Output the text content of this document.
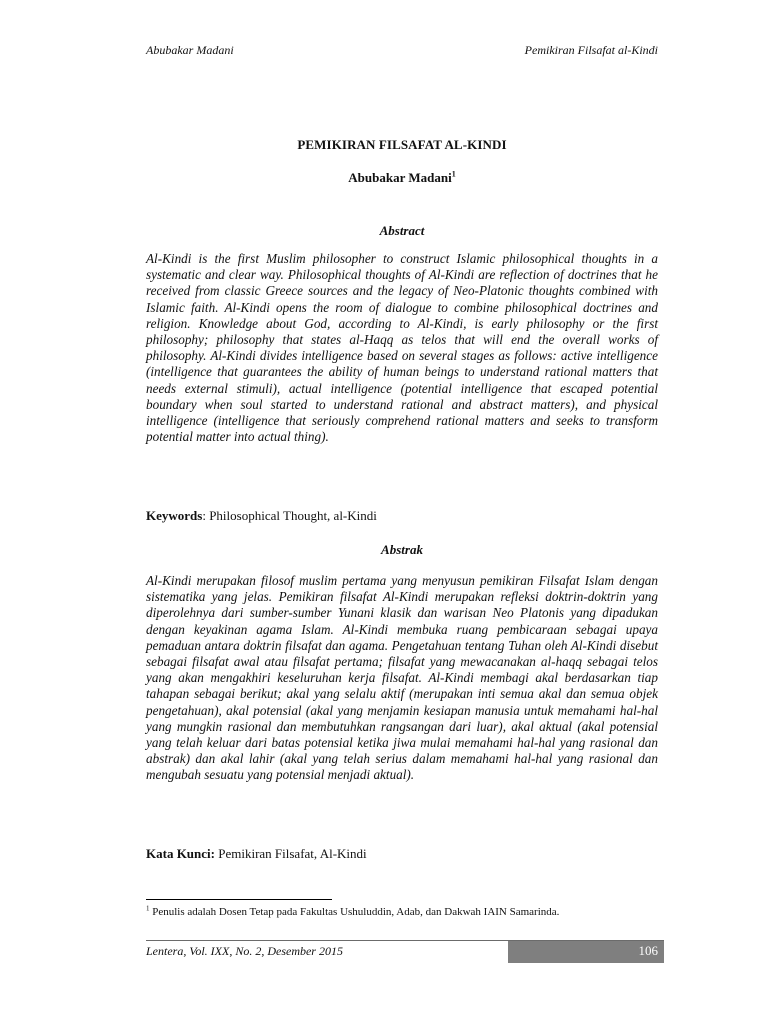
Abubakar Madani	Pemikiran Filsafat al-Kindi
PEMIKIRAN FILSAFAT AL-KINDI
Abubakar Madani$^1$
Abstract

Al-Kindi is the first Muslim philosopher to construct Islamic philosophical thoughts in a systematic and clear way. Philosophical thoughts of Al-Kindi are reflection of doctrines that he received from classic Greece sources and the legacy of Neo-Platonic thoughts combined with Islamic faith. Al-Kindi opens the room of dialogue to combine philosophical doctrines and religion. Knowledge about God, according to Al-Kindi, is early philosophy or the first philosophy; philosophy that states al-Haqq as telos that will end the overall works of philosophy. Al-Kindi divides intelligence based on several stages as follows: active intelligence (intelligence that guarantees the ability of human beings to understand rational matters that needs external stimuli), actual intelligence (potential intelligence that escaped potential boundary when soul started to understand rational and abstract matters), and physical intelligence (intelligence that seriously comprehend rational matters and seeks to transform potential matter into actual thing).

Keywords: Philosophical Thought, al-Kindi
Abstrak

Al-Kindi merupakan filosof muslim pertama yang menyusun pemikiran Filsafat Islam dengan sistematika yang jelas. Pemikiran filsafat Al-Kindi merupakan refleksi doktrin-doktrin yang diperolehnya dari sumber-sumber Yunani klasik dan warisan Neo Platonis yang dipadukan dengan keyakinan agama Islam. Al-Kindi membuka ruang pembicaraan sebagai upaya pemaduan antara doktrin filsafat dan agama. Pengetahuan tentang Tuhan oleh Al-Kindi disebut sebagai filsafat awal atau filsafat pertama; filsafat yang mewacanakan al-haqq sebagai telos yang akan mengakhiri keseluruhan kerja filsafat. Al-Kindi membagi akal berdasarkan tiap tahapan sebagai berikut; akal yang selalu aktif (merupakan inti semua akal dan semua objek pengetahuan), akal potensial (akal yang menjamin kesiapan manusia untuk memahami hal-hal yang mungkin rasional dan membutuhkan rangsangan dari luar), akal aktual (akal potensial yang telah keluar dari batas potensial ketika jiwa mulai memahami hal-hal yang rasional dan abstrak) dan akal lahir (akal yang telah serius dalam memahami hal-hal yang rasional dan mengubah sesuatu yang potensial menjadi aktual).

Kata Kunci: Pemikiran Filsafat, Al-Kindi
$^1$ Penulis adalah Dosen Tetap pada Fakultas Ushuluddin, Adab, dan Dakwah IAIN Samarinda.
Lentera, Vol. IXX, No. 2, Desember 2015	106
